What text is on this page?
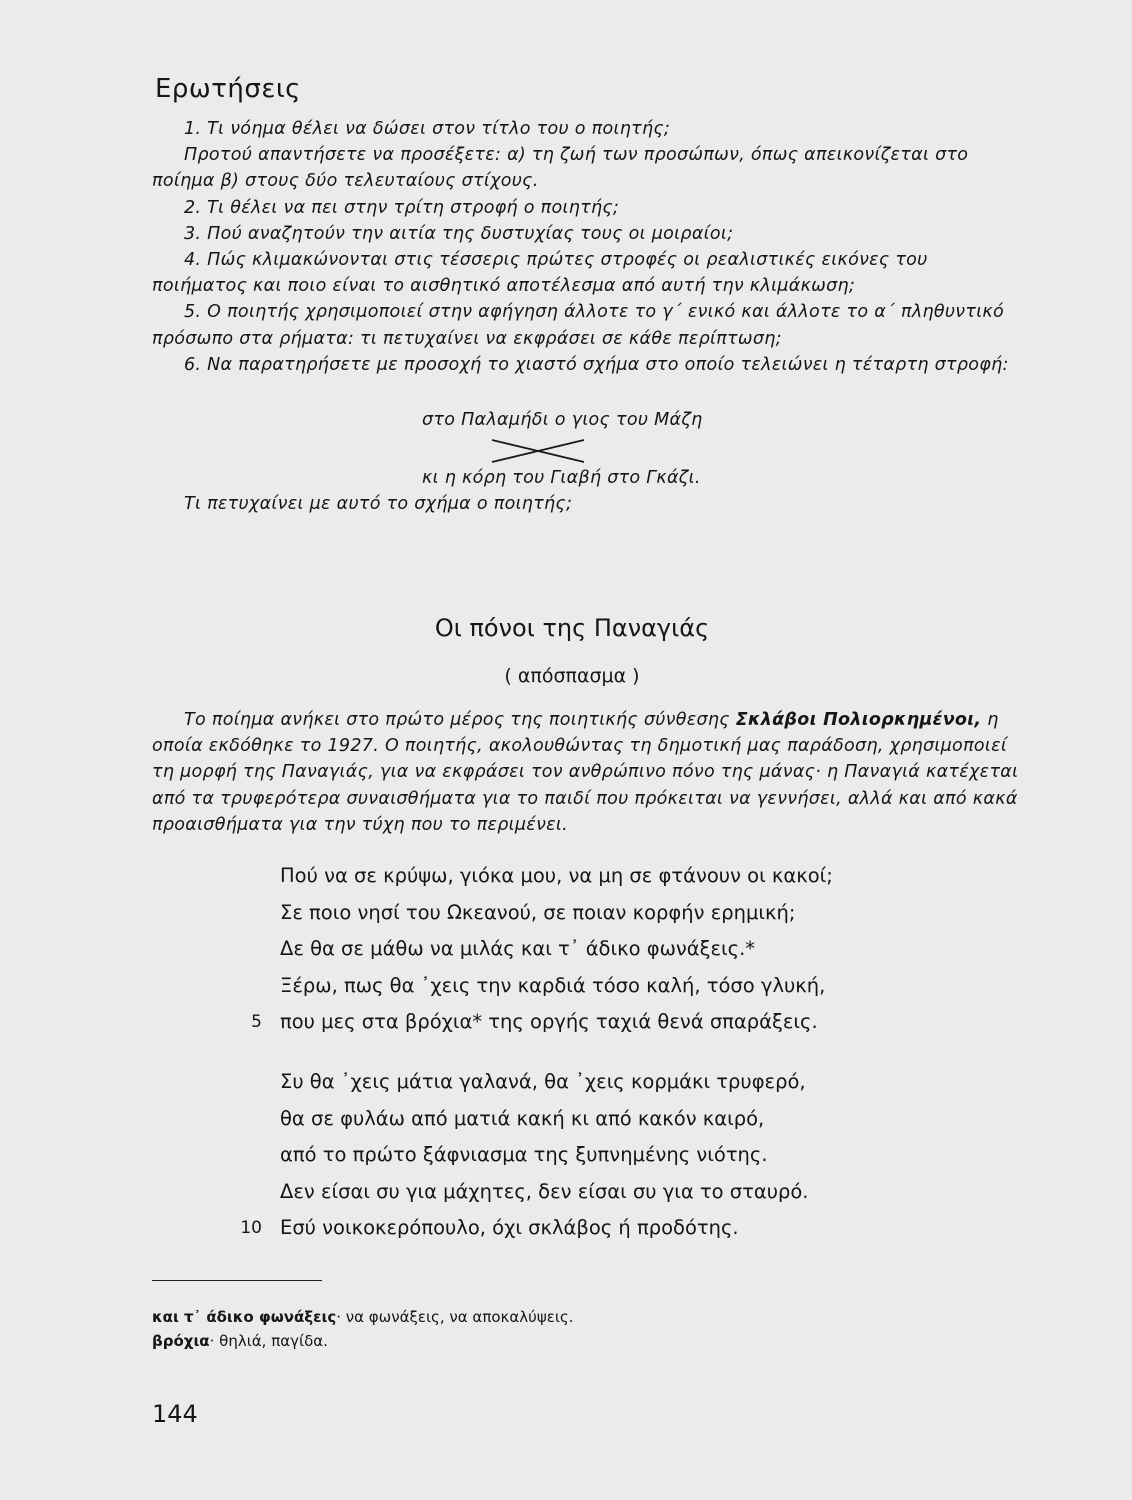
Ερωτήσεις

1. Τι νόημα θέλει να δώσει στον τίτλο του ο ποιητής;

Προτού απαντήσετε να προσέξετε: α) τη ζωή των προσώπων, όπως απεικονίζεται στο ποίημα β) στους δύο τελευταίους στίχους.

2. Τι θέλει να πει στην τρίτη στροφή ο ποιητής;

3. Πού αναζητούν την αιτία της δυστυχίας τους οι μοιραίοι;

4. Πώς κλιμακώνονται στις τέσσερις πρώτες στροφές οι ρεαλιστικές εικόνες του ποιήματος και ποιο είναι το αισθητικό αποτέλεσμα από αυτή την κλιμάκωση;

5. Ο ποιητής χρησιμοποιεί στην αφήγηση άλλοτε το γ΄ ενικό και άλλοτε το α΄ πληθυντικό πρόσωπο στα ρήματα: τι πετυχαίνει να εκφράσει σε κάθε περίπτωση;

6. Να παρατηρήσετε με προσοχή το χιαστό σχήμα στο οποίο τελειώνει η τέταρτη στροφή:

στο Παλαμήδι ο γιος του Μάζη
κι η κόρη του Γιαβή στο Γκάζι.
Τι πετυχαίνει με αυτό το σχήμα ο ποιητής;
Οι πόνοι της Παναγιάς
( απόσπασμα )

Το ποίημα ανήκει στο πρώτο μέρος της ποιητικής σύνθεσης Σκλάβοι Πολιορκημένοι, η οποία εκδόθηκε το 1927. Ο ποιητής, ακολουθώντας τη δημοτική μας παράδοση, χρησιμοποιεί τη μορφή της Παναγιάς, για να εκφράσει τον ανθρώπινο πόνο της μάνας· η Παναγιά κατέχεται από τα τρυφερότερα συναισθήματα για το παιδί που πρόκειται να γεννήσει, αλλά και από κακά προαισθήματα για την τύχη που το περιμένει.

Πού να σε κρύψω, γιόκα μου, να μη σε φτάνουν οι κακοί;
Σε ποιο νησί του Ωκεανού, σε ποιαν κορφήν ερημική;
Δε θα σε μάθω να μιλάς και τ᾽ άδικο φωνάξεις.*
Ξέρω, πως θα ᾽χεις την καρδιά τόσο καλή, τόσο γλυκή,
5 που μες στα βρόχια* της οργής ταχιά θενά σπαράξεις.
Συ θα ᾽χεις μάτια γαλανά, θα ᾽χεις κορμάκι τρυφερό,
θα σε φυλάω από ματιά κακή κι από κακόν καιρό,
από το πρώτο ξάφνιασμα της ξυπνημένης νιότης.
Δεν είσαι συ για μάχητες, δεν είσαι συ για το σταυρό.
10 Εσύ νοικοκερόπουλο, όχι σκλάβος ή προδότης.
και τ᾽ άδικο φωνάξεις· να φωνάξεις, να αποκαλύψεις.
βρόχια· θηλιά, παγίδα.
144
